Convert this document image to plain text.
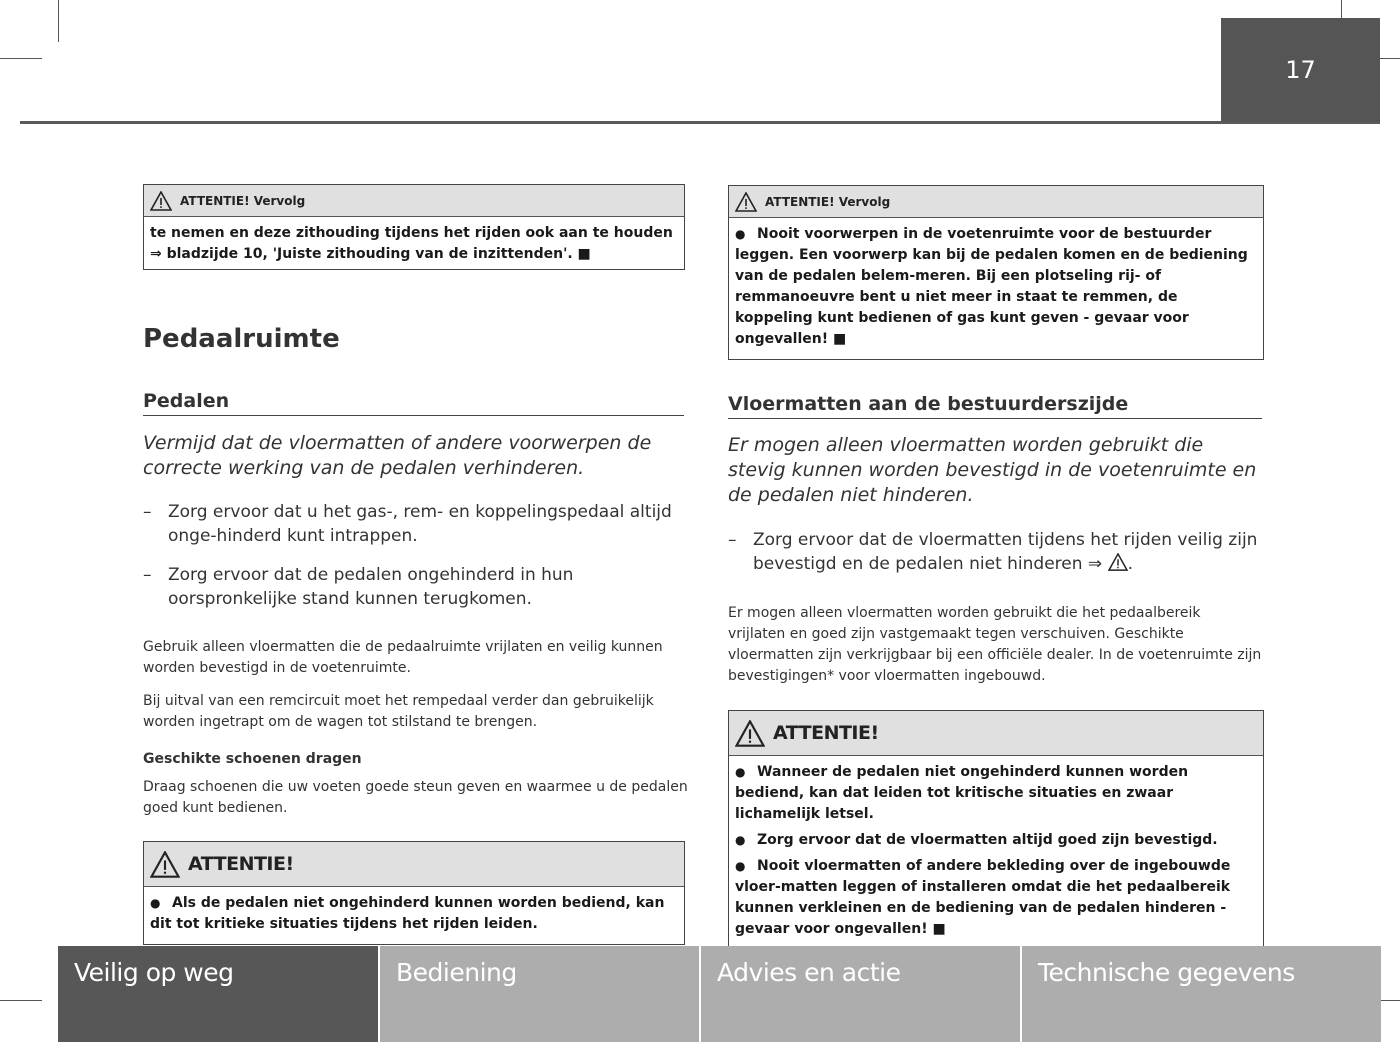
17
ATTENTIE! Vervolg
te nemen en deze zithouding tijdens het rijden ook aan te houden
⇒ bladzijde 10, 'Juiste zithouding van de inzittenden'. ■
Pedaalruimte
Pedalen

Vermijd dat de vloermatten of andere voorwerpen de correcte werking van de pedalen verhinderen.

– Zorg ervoor dat u het gas-, rem- en koppelingspedaal altijd onge-hinderd kunt intrappen.
– Zorg ervoor dat de pedalen ongehinderd in hun oorspronkelijke stand kunnen terugkomen.

Gebruik alleen vloermatten die de pedaalruimte vrijlaten en veilig kunnen worden bevestigd in de voetenruimte.

Bij uitval van een remcircuit moet het rempedaal verder dan gebruikelijk worden ingetrapt om de wagen tot stilstand te brengen.

Geschikte schoenen dragen

Draag schoenen die uw voeten goede steun geven en waarmee u de pedalen goed kunt bedienen.

ATTENTIE!

● Als de pedalen niet ongehinderd kunnen worden bediend, kan dit tot kritieke situaties tijdens het rijden leiden.

ATTENTIE! Vervolg

● Nooit voorwerpen in de voetenruimte voor de bestuurder leggen. Een voorwerp kan bij de pedalen komen en de bediening van de pedalen belem-meren. Bij een plotseling rij- of remmanoeuvre bent u niet meer in staat te remmen, de koppeling kunt bedienen of gas kunt geven - gevaar voor ongevallen! ■

Vloermatten aan de bestuurderszijde

Er mogen alleen vloermatten worden gebruikt die stevig kunnen worden bevestigd in de voetenruimte en de pedalen niet hinderen.

– Zorg ervoor dat de vloermatten tijdens het rijden veilig zijn bevestigd en de pedalen niet hinderen ⇒ .

Er mogen alleen vloermatten worden gebruikt die het pedaalbereik vrijlaten en goed zijn vastgemaakt tegen verschuiven. Geschikte vloermatten zijn verkrijgbaar bij een officiële dealer. In de voetenruimte zijn bevestigingen* voor vloermatten ingebouwd.

ATTENTIE!

● Wanneer de pedalen niet ongehinderd kunnen worden bediend, kan dat leiden tot kritische situaties en zwaar lichamelijk letsel.

● Zorg ervoor dat de vloermatten altijd goed zijn bevestigd.

● Nooit vloermatten of andere bekleding over de ingebouwde vloer-matten leggen of installeren omdat die het pedaalbereik kunnen verkleinen en de bediening van de pedalen hinderen - gevaar voor ongevallen! ■

Veilig op weg	Bediening	Advies en actie	Technische gegevens
